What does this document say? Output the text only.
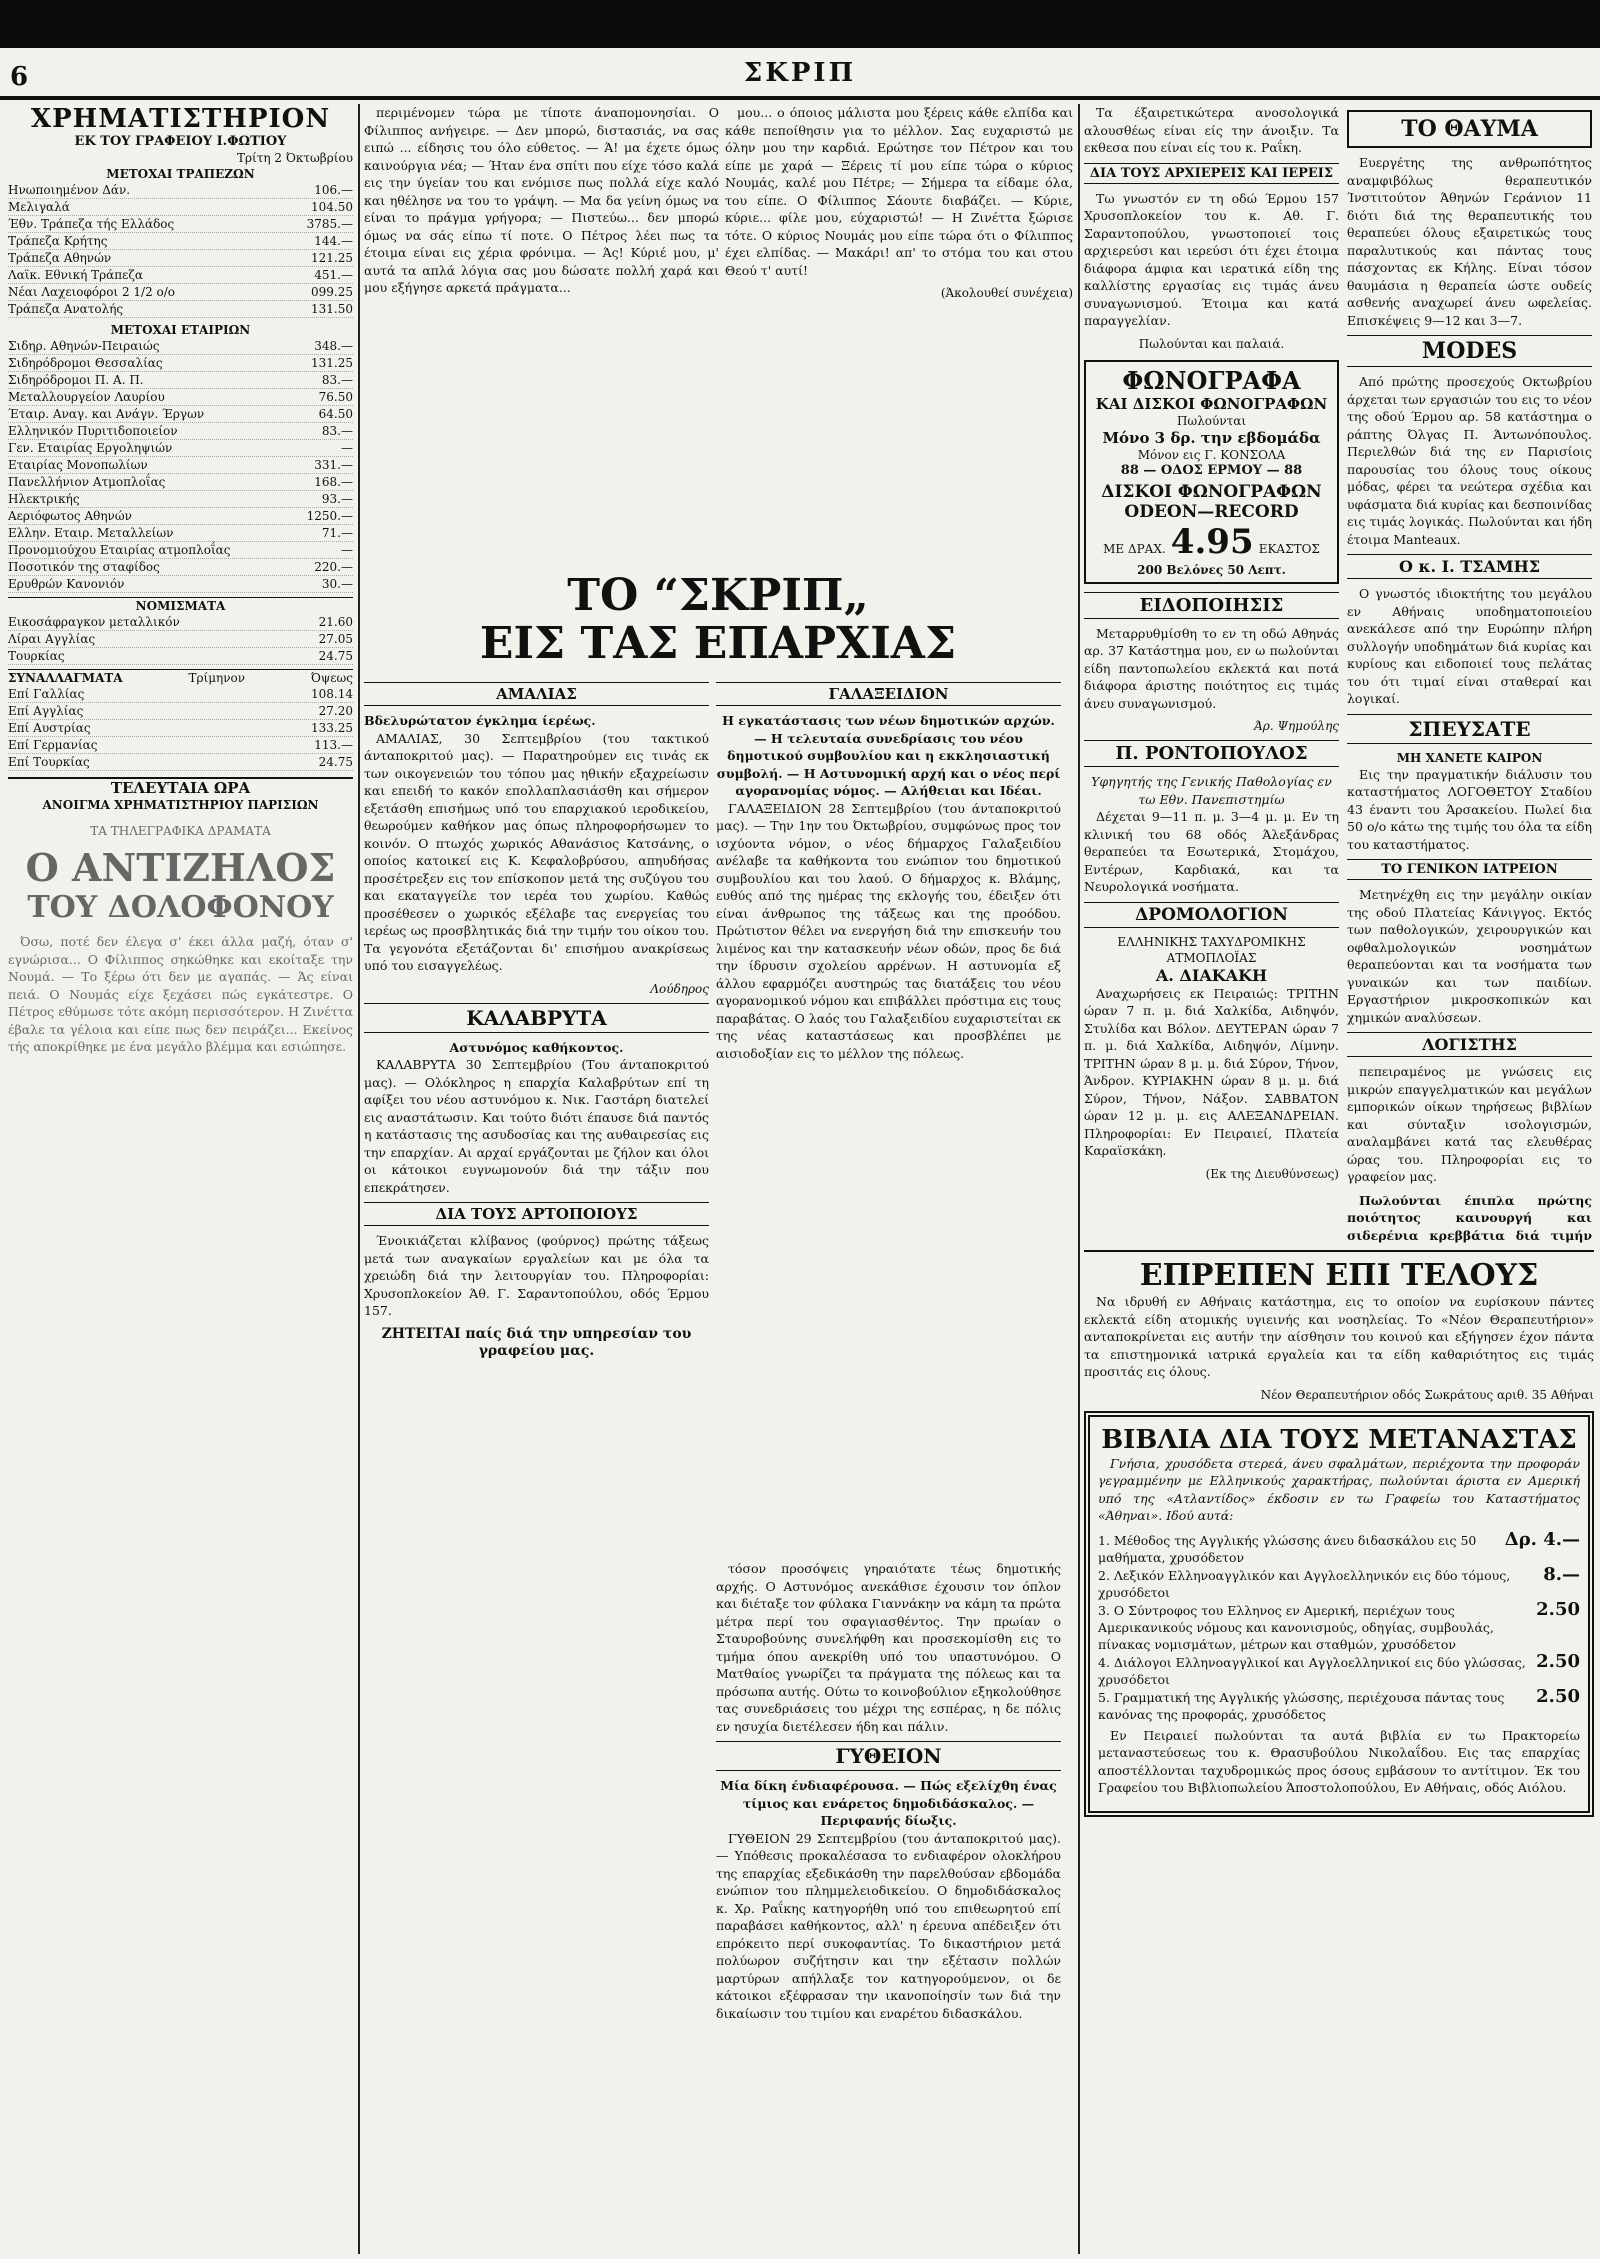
6	ΣΚΡΙΠ
ΧΡΗΜΑΤΙΣΤΗΡΙΟΝ
ΕΚ ΤΟΥ ΓΡΑΦΕΙΟΥ Ι.ΦΩΤΙΟΥ
Τρίτη 2 Όκτωβρίου
ΜΕΤΟΧΑΙ ΤΡΑΠΕΖΩΝ
Ηνωποιημένον Δάν.	106.—
Μελιγαλά	104.50
Έθν. Τράπεζα τής Ελλάδος	3785.—
Τράπεζα Κρήτης	144.—
Τράπεζα Αθηνών	121.25
Λαϊκ. Εθνική Τράπεζα	451.—
Νέαι Λαχειοφόροι 2 1/2 ο/ο	099.25
Τράπεζα Ανατολής	131.50
ΜΕΤΟΧΑΙ ΕΤΑΙΡΙΩΝ
Σιδηρ. Αθηνών-Πειραιώς	348.—
Σιδηρόδρομοι Θεσσαλίας	131.25
Σιδηρόδρομοι Π. Α. Π.	83.—
Μεταλλουργείον Λαυρίου	76.50
Έταιρ. Αναγ. και Ανάγν. Έργων	64.50
Ελληνικόν Πυριτιδοποιείον	83.—
Γεν. Εταιρίας Εργοληψιών	—
Εταιρίας Μονοπωλίων	331.—
Πανελλήνιον Ατμοπλοΐας	168.—
Ηλεκτρικής	93.—
Αεριόφωτος Αθηνών	1250.—
Ελλην. Εταιρ. Μεταλλείων	71.—
Προνομιούχου Εταιρίας ατμοπλοΐας	—
Ποσοτικόν της σταφίδος	220.—
Ερυθρών Κανονιόν	30.—
ΝΟΜΙΣΜΑΤΑ
Εικοσάφραγκον μεταλλικόν	21.60
Λίραι Αγγλίας	27.05
Τουρκίας	24.75
ΣΥΝΑΛΛΑΓΜΑΤΑ	Τρίμηνον	Όψεως
Επί Γαλλίας	108.14
Επί Αγγλίας	27.20
Επί Αυστρίας	133.25
Επί Γερμανίας	113.—
Επί Τουρκίας	24.75
ΤΕΛΕΥΤΑΙΑ ΩΡΑ
ΑΝΟΙΓΜΑ ΧΡΗΜΑΤΙΣΤΗΡΙΟΥ ΠΑΡΙΣΙΩΝ
ΤΑ ΤΗΛΕΓΡΑΦΙΚΑ ΔΡΑΜΑΤΑ
Ο ΑΝΤΙΖΗΛΟΣ
ΤΟΥ ΔΟΛΟΦΟΝΟΥ

Όσω, ποτέ δεν έλεγα σ' έκει άλλα μαζή, όταν σ' εγνώρισα... Ο Φίλιππος σηκώθηκε και εκοίταξε την Νουμά. — Το ξέρω ότι δεν με αγαπάς. — Άς είναι πειά. Ο Νουμάς είχε ξεχάσει πώς εγκάτεστρε. Ο Πέτρος εθύμωσε τότε ακόμη περισσότερον. Η Ζινέττα έβαλε τα γέλοια και είπε πως δεν πειράζει... Εκείνος τής αποκρίθηκε με ένα μεγάλο βλέμμα και εσιώπησε.

περιμένομεν τώρα με τίποτε άναπομονησίαι. Ο Φίλιππος ανήγειρε. — Δεν μπορώ, διστασιάς, να σας ειπώ ... είδησις του όλο εύθετος. — Ά! μα έχετε όμως καινούργια νέα; — Ήταν ένα σπίτι που είχε τόσο καλά εις την ύγείαν του και ενόμισε πως πολλά είχε καλό και ηθέλησε να του το γράψη. — Μα δα γείνη όμως να είναι το πράγμα γρήγορα; — Πιστεύω... δεν μπορώ όμως να σάς είπω τί ποτε. Ο Πέτρος λέει πως τα έτοιμα είναι εις χέρια φρόνιμα. — Άς! Κύριέ μου, μ' αυτά τα απλά λόγια σας μου δώσατε πολλή χαρά και μου εξήγησε αρκετά πράγματα...

μου... ο όποιος μάλιστα μου ξέρεις κάθε ελπίδα και κάθε πεποίθησιν για το μέλλον. Σας ευχαριστώ με όλην μου την καρδιά. Ερώτησε τον Πέτρον και του είπε με χαρά — Ξέρεις τί μου είπε τώρα ο κύριος Νουμάς, καλέ μου Πέτρε; — Σήμερα τα είδαμε όλα, του είπε. Ο Φίλιππος Σάουτε διαβάζει. — Κύριε, κύριε... φίλε μου, εύχαριστώ! — Η Ζινέττα ξώρισε τότε. Ο κύριος Νουμάς μου είπε τώρα ότι ο Φίλιππος έχει ελπίδας. — Μακάρι! απ' το στόμα του και στου Θεού τ' αυτί!

(Άκολουθεί συνέχεια)
ΤΟ “ΣΚΡΙΠ„
ΕΙΣ ΤΑΣ ΕΠΑΡΧΙΑΣ
ΑΜΑΛΙΑΣ
Βδελυρώτατον έγκλημα ίερέως.

ΑΜΑΛΙΑΣ, 30 Σεπτεμβρίου (του τακτικού άνταποκριτού μας). — Παρατηρούμεν εις τινάς εκ των οικογενειών του τόπου μας ηθικήν εξαχρείωσιν και επειδή το κακόν επολλαπλασιάσθη και σήμερον εξετάσθη επισήμως υπό του επαρχιακού ιεροδικείου, θεωρούμεν καθήκον μας όπως πληροφορήσωμεν το κοινόν. Ο πτωχός χωρικός Αθανάσιος Κατσάνης, ο οποίος κατοικεί εις Κ. Κεφαλοβρύσου, απηυδήσας προσέτρεξεν εις τον επίσκοπον μετά της συζύγου του και εκαταγγείλε τον ιερέα του χωρίου. Καθώς προσέθεσεν ο χωρικός εξέλαβε τας ενεργείας του ιερέως ως προσβλητικάς διά την τιμήν του οίκου του. Τα γεγονότα εξετάζονται δι' επισήμου ανακρίσεως υπό του εισαγγελέως.

Λούδηρος
ΚΑΛΑΒΡΥΤΑ
Αστυνόμος καθήκοντος.

ΚΑΛΑΒΡΥΤΑ 30 Σεπτεμβρίου (Του άνταποκριτού μας). — Ολόκληρος η επαρχία Καλαβρύτων επί τη αφίξει του νέου αστυνόμου κ. Νικ. Γαστάρη διατελεί εις αναστάτωσιν. Και τούτο διότι έπαυσε διά παντός η κατάστασις της ασυδοσίας και της αυθαιρεσίας εις την επαρχίαν. Αι αρχαί εργάζονται με ζήλον και όλοι οι κάτοικοι ευγνωμονούν διά την τάξιν που επεκράτησεν.

ΔΙΑ ΤΟΥΣ ΑΡΤΟΠΟΙΟΥΣ

Ένοικιάζεται κλίβανος (φούρνος) πρώτης τάξεως μετά των αναγκαίων εργαλείων και με όλα τα χρειώδη διά την λειτουργίαν του. Πληροφορίαι: Χρυσοπλοκείον Άθ. Γ. Σαραντοπούλου, οδός Έρμου 157.

ΖΗΤΕΙΤΑΙ παίς διά την υπηρεσίαν του γραφείου μας.
ΓΑΛΑΞΕΙΔΙΟΝ
Η εγκατάστασις των νέων δημοτικών αρχών. — Η τελευταία συνεδρίασις του νέου δημοτικού συμβουλίου και η εκκλησιαστική συμβολή. — Η Αστυνομική αρχή και ο νέος περί αγορανομίας νόμος. — Αλήθειαι και Ιδέαι.

ΓΑΛΑΞΕΙΔΙΟΝ 28 Σεπτεμβρίου (του άνταποκριτού μας). — Την 1ην του Όκτωβρίου, συμφώνως προς τον ισχύοντα νόμον, ο νέος δήμαρχος Γαλαξειδίου ανέλαβε τα καθήκοντα του ενώπιον του δημοτικού συμβουλίου και του λαού. Ο δήμαρχος κ. Βλάμης, ευθύς από της ημέρας της εκλογής του, έδειξεν ότι είναι άνθρωπος της τάξεως και της προόδου. Πρώτιστον θέλει να ενεργήση διά την επισκευήν του λιμένος και την κατασκευήν νέων οδών, προς δε διά την ίδρυσιν σχολείου αρρένων. Η αστυνομία εξ άλλου εφαρμόζει αυστηρώς τας διατάξεις του νέου αγορανομικού νόμου και επιβάλλει πρόστιμα εις τους παραβάτας. Ο λαός του Γαλαξειδίου ευχαριστείται εκ της νέας καταστάσεως και προσβλέπει με αισιοδοξίαν εις το μέλλον της πόλεως.

Τα έξαιρετικώτερα ανοσολογικά αλουσθέως είναι είς την άνοιξιν. Τα εκθεσα που είναι είς του κ. Ραΐκη.

ΔΙΑ ΤΟΥΣ ΑΡΧΙΕΡΕΙΣ ΚΑΙ ΙΕΡΕΙΣ

Τω γνωστόν εν τη οδώ Έρμου 157 Χρυσοπλοκείον του κ. Αθ. Γ. Σαραντοπούλου, γνωστοποιεί τοις αρχιερεύσι και ιερεύσι ότι έχει έτοιμα διάφορα άμφια και ιερατικά είδη της καλλίστης εργασίας εις τιμάς άνευ συναγωνισμού. Έτοιμα και κατά παραγγελίαν.

Πωλούνται και παλαιά.
ΦΩΝΟΓΡΑΦΑ
ΚΑΙ ΔΙΣΚΟΙ ΦΩΝΟΓΡΑΦΩΝ
Πωλούνται
Μόνο 3 δρ. την εβδομάδα
Μόνον εις Γ. ΚΟΝΣΟΛΑ
88 — ΟΔΟΣ ΕΡΜΟΥ — 88
ΔΙΣΚΟΙ ΦΩΝΟΓΡΑΦΩΝ
ODEON—RECORD
ΜΕ ΔΡΑΧ. 4.95 ΕΚΑΣΤΟΣ
200 Βελόνες 50 Λεπτ.
ΕΙΔΟΠΟΙΗΣΙΣ

Μεταρρυθμίσθη το εν τη οδώ Αθηνάς αρ. 37 Κατάστημα μου, εν ω πωλούνται είδη παντοπωλείου εκλεκτά και ποτά διάφορα άριστης ποιότητος εις τιμάς άνευ συναγωνισμού.

Άρ. Ψημούλης
Π. ΡΟΝΤΟΠΟΥΛΟΣ
Υφηγητής της Γενικής Παθολογίας εν τω Εθν. Πανεπιστημίω

Δέχεται 9—11 π. μ. 3—4 μ. μ. Εν τη κλινική του 68 οδός Άλεξάνδρας θεραπεύει τα Εσωτερικά, Στομάχου, Εντέρων, Καρδιακά, και τα Νευρολογικά νοσήματα.

ΔΡΟΜΟΛΟΓΙΟΝ
ΕΛΛΗΝΙΚΗΣ ΤΑΧΥΔΡΟΜΙΚΗΣ ΑΤΜΟΠΛΟΪΑΣ
Α. ΔΙΑΚΑΚΗ

Αναχωρήσεις εκ Πειραιώς: ΤΡΙΤΗΝ ώραν 7 π. μ. διά Χαλκίδα, Αιδηψόν, Στυλίδα και Βόλον. ΔΕΥΤΕΡΑΝ ώραν 7 π. μ. διά Χαλκίδα, Αιδηψόν, Λίμνην. ΤΡΙΤΗΝ ώραν 8 μ. μ. διά Σύρον, Τήνον, Άνδρον. ΚΥΡΙΑΚΗΝ ώραν 8 μ. μ. διά Σύρον, Τήνον, Νάξον. ΣΑΒΒΑΤΟΝ ώραν 12 μ. μ. εις ΑΛΕΞΑΝΔΡΕΙΑΝ. Πληροφορίαι: Εν Πειραιεί, Πλατεία Καραϊσκάκη.

(Εκ της Διευθύνσεως)
ΤΟ ΘΑΥΜΑ

Ευεργέτης της ανθρωπότητος αναμφιβόλως θεραπευτικόν Ίνστιτούτον Άθηνών Γεράνιον 11 διότι διά της θεραπευτικής του θεραπεύει όλους εξαιρετικώς τους παραλυτικούς και πάντας τους πάσχοντας εκ Κήλης. Είναι τόσον θαυμάσια η θεραπεία ώστε ουδείς ασθενής αναχωρεί άνευ ωφελείας. Επισκέψεις 9—12 και 3—7.

MODES

Από πρώτης προσεχούς Οκτωβρίου άρχεται των εργασιών του εις το νέον της οδού Έρμου αρ. 58 κατάστημα ο ράπτης Όλγας Π. Άντωνόπουλος. Περιελθών διά της εν Παρισίοις παρουσίας του όλους τους οίκους μόδας, φέρει τα νεώτερα σχέδια και υφάσματα διά κυρίας και δεσποινίδας εις τιμάς λογικάς. Πωλούνται και ήδη έτοιμα Manteaux.

Ο κ. Ι. ΤΣΑΜΗΣ

Ο γνωστός ιδιοκτήτης του μεγάλου εν Αθήναις υποδηματοποιείου ανεκάλεσε από την Ευρώπην πλήρη συλλογήν υποδημάτων διά κυρίας και κυρίους και ειδοποιεί τους πελάτας του ότι τιμαί είναι σταθεραί και λογικαί.

ΣΠΕΥΣΑΤΕ
ΜΗ ΧΑΝΕΤΕ ΚΑΙΡΟΝ

Εις την πραγματικήν διάλυσιν του καταστήματος ΛΟΓΟΘΕΤΟΥ Σταδίου 43 έναντι του Άρσακείου. Πωλεί δια 50 ο/ο κάτω της τιμής του όλα τα είδη του καταστήματος.

ΤΟ ΓΕΝΙΚΟΝ ΙΑΤΡΕΙΟΝ

Μετηνέχθη εις την μεγάλην οικίαν της οδού Πλατείας Κάνιγγος. Εκτός των παθολογικών, χειρουργικών και οφθαλμολογικών νοσημάτων θεραπεύονται και τα νοσήματα των γυναικών και των παιδίων. Εργαστήριον μικροσκοπικών και χημικών αναλύσεων.

ΛΟΓΙΣΤΗΣ

πεπειραμένος με γνώσεις εις μικρών επαγγελματικών και μεγάλων εμπορικών οίκων τηρήσεως βιβλίων και σύνταξιν ισολογισμών, αναλαμβάνει κατά τας ελευθέρας ώρας του. Πληροφορίαι εις το γραφείον μας.

Πωλούνται έπιπλα πρώτης ποιότητος καινουργή και σιδερένια κρεββάτια διά τιμήν

ΕΠΡΕΠΕΝ ΕΠΙ ΤΕΛΟΥΣ

Να ιδρυθή εν Αθήναις κατάστημα, εις το οποίον να ευρίσκουν πάντες εκλεκτά είδη ατομικής υγιεινής και νοσηλείας. Το «Νέον Θεραπευτήριον» ανταποκρίνεται εις αυτήν την αίσθησιν του κοινού και εξήγησεν έχον πάντα τα επιστημονικά ιατρικά εργαλεία και τα είδη καθαριότητος εις τιμάς προσιτάς εις όλους.

Νέον Θεραπευτήριον οδός Σωκράτους αριθ. 35 Αθήναι
ΒΙΒΛΙΑ ΔΙΑ ΤΟΥΣ ΜΕΤΑΝΑΣΤΑΣ

Γνήσια, χρυσόδετα στερεά, άνευ σφαλμάτων, περιέχοντα την προφοράν γεγραμμένην με Ελληνικούς χαρακτήρας, πωλούνται άριστα εν Αμερική υπό της «Ατλαντίδος» έκδοσιν εν τω Γραφείω του Καταστήματος «Άθηναι». Ιδού αυτά:

1. Μέθοδος της Αγγλικής γλώσσης άνευ διδασκάλου εις 50 μαθήματα, χρυσόδετον
Δρ. 4.—
2. Λεξικόν Ελληνοαγγλικόν και Αγγλοελληνικόν εις δύο τόμους, χρυσόδετοι
8.—
3. Ο Σύντροφος του Ελληνος εν Αμερική, περιέχων τους Αμερικανικούς νόμους και κανονισμούς, οδηγίας, συμβουλάς, πίνακας νομισμάτων, μέτρων και σταθμών, χρυσόδετον
2.50
4. Διάλογοι Ελληνοαγγλικοί και Αγγλοελληνικοί εις δύο γλώσσας, χρυσόδετοι
2.50
5. Γραμματική της Αγγλικής γλώσσης, περιέχουσα πάντας τους κανόνας της προφοράς, χρυσόδετος
2.50

Εν Πειραιεί πωλούνται τα αυτά βιβλία εν τω Πρακτορείω μεταναστεύσεως του κ. Θρασυβούλου Νικολαΐδου. Εις τας επαρχίας αποστέλλονται ταχυδρομικώς προς όσους εμβάσουν το αντίτιμον. Έκ του Γραφείου του Βιβλιοπωλείου Άποστολοπούλου, Εν Αθήναις, οδός Αιόλου.

τόσον προσόψεις γηραιότατε τέως δημοτικής αρχής. Ο Αστυνόμος ανεκάθισε έχουσιν τον όπλον και διέταξε τον φύλακα Γιαννάκην να κάμη τα πρώτα μέτρα περί του σφαγιασθέντος. Την πρωίαν ο Σταυροβούνης συνελήφθη και προσεκομίσθη εις το τμήμα όπου ανεκρίθη υπό του υπαστυνόμου. Ο Ματθαίος γνωρίζει τα πράγματα της πόλεως και τα πρόσωπα αυτής. Ούτω το κοινοβούλιον εξηκολούθησε τας συνεδριάσεις του μέχρι της εσπέρας, η δε πόλις εν ησυχία διετέλεσεν ήδη και πάλιν.

ΓΥΘΕΙΟΝ
Μία δίκη ένδιαφέρουσα. — Πώς εξελίχθη ένας τίμιος και ενάρετος δημοδιδάσκαλος. — Περιφανής δίωξις.

ΓΥΘΕΙΟΝ 29 Σεπτεμβρίου (του άνταποκριτού μας). — Υπόθεσις προκαλέσασα το ενδιαφέρον ολοκλήρου της επαρχίας εξεδικάσθη την παρελθούσαν εβδομάδα ενώπιον του πλημμελειοδικείου. Ο δημοδιδάσκαλος κ. Χρ. Ραΐκης κατηγορήθη υπό του επιθεωρητού επί παραβάσει καθήκοντος, αλλ' η έρευνα απέδειξεν ότι επρόκειτο περί συκοφαντίας. Το δικαστήριον μετά πολύωρον συζήτησιν και την εξέτασιν πολλών μαρτύρων απήλλαξε τον κατηγορούμενον, οι δε κάτοικοι εξέφρασαν την ικανοποίησίν των διά την δικαίωσιν του τιμίου και εναρέτου διδασκάλου.
